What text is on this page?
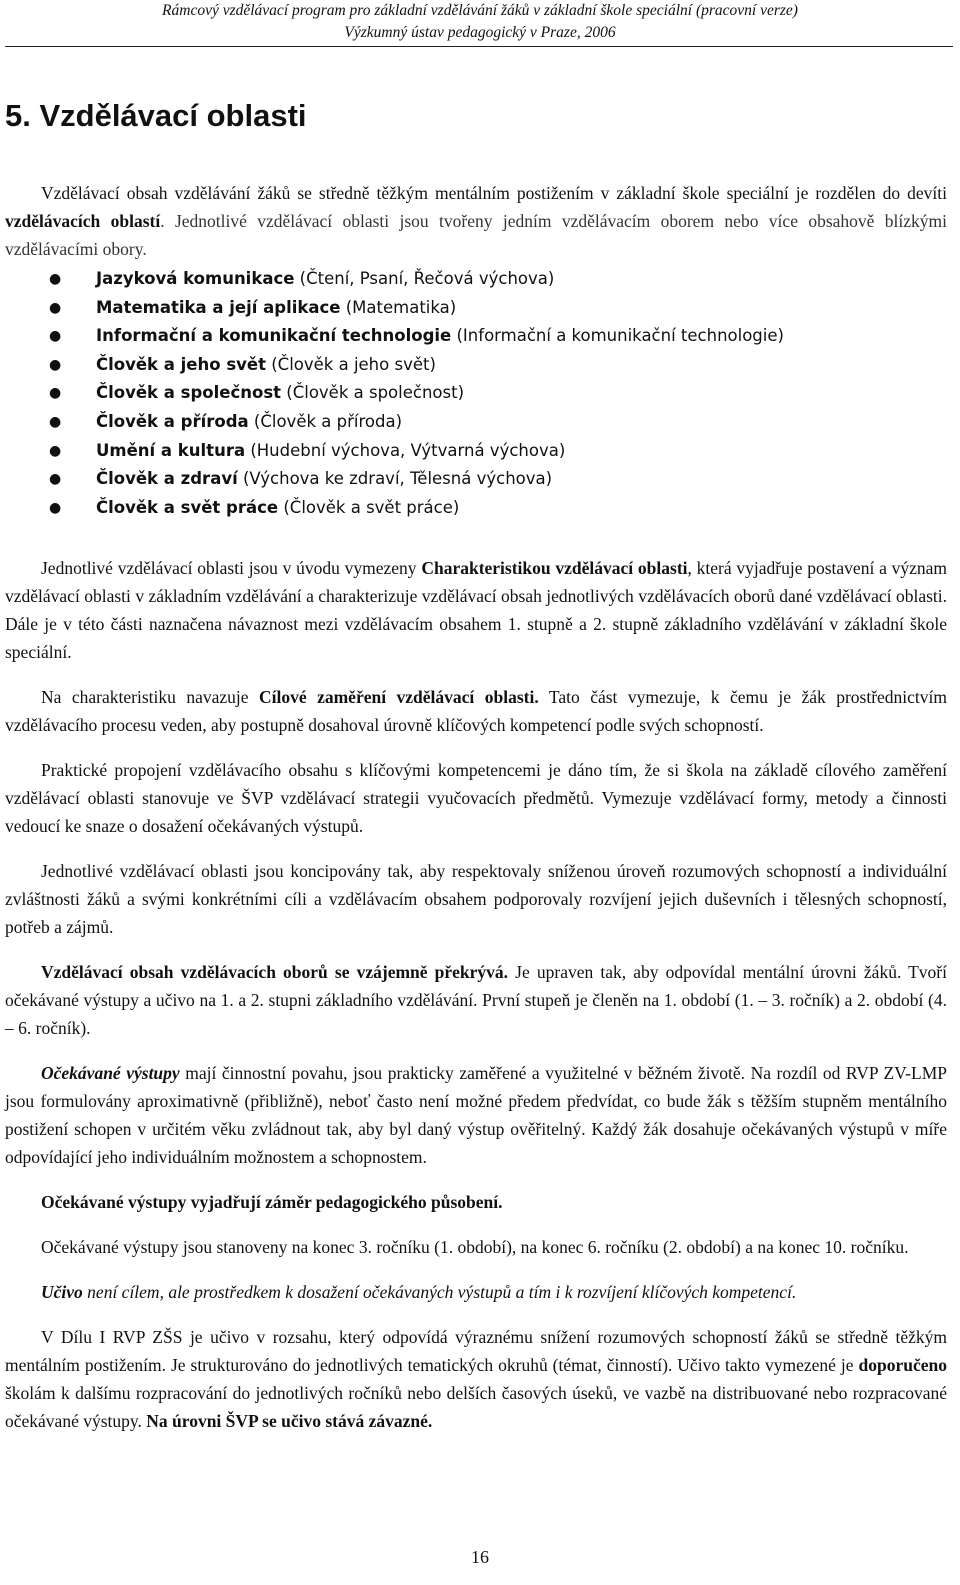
Rámcový vzdělávací program pro základní vzdělávání žáků v základní škole speciální (pracovní verze)
Výzkumný ústav pedagogický v Praze, 2006
5. Vzdělávací oblasti

Vzdělávací obsah vzdělávání žáků se středně těžkým mentálním postižením v základní škole speciální je rozdělen do devíti vzdělávacích oblastí. Jednotlivé vzdělávací oblasti jsou tvořeny jedním vzdělávacím oborem nebo více obsahově blízkými vzdělávacími obory.

● Jazyková komunikace (Čtení, Psaní, Řečová výchova)
● Matematika a její aplikace (Matematika)
● Informační a komunikační technologie (Informační a komunikační technologie)
● Člověk a jeho svět (Člověk a jeho svět)
● Člověk a společnost (Člověk a společnost)
● Člověk a příroda (Člověk a příroda)
● Umění a kultura (Hudební výchova, Výtvarná výchova)
● Člověk a zdraví (Výchova ke zdraví, Tělesná výchova)
● Člověk a svět práce (Člověk a svět práce)

Jednotlivé vzdělávací oblasti jsou v úvodu vymezeny Charakteristikou vzdělávací oblasti, která vyjadřuje postavení a význam vzdělávací oblasti v základním vzdělávání a charakterizuje vzdělávací obsah jednotlivých vzdělávacích oborů dané vzdělávací oblasti. Dále je v této části naznačena návaznost mezi vzdělávacím obsahem 1. stupně a 2. stupně základního vzdělávání v základní škole speciální.

Na charakteristiku navazuje Cílové zaměření vzdělávací oblasti. Tato část vymezuje, k čemu je žák prostřednictvím vzdělávacího procesu veden, aby postupně dosahoval úrovně klíčových kompetencí podle svých schopností.

Praktické propojení vzdělávacího obsahu s klíčovými kompetencemi je dáno tím, že si škola na základě cílového zaměření vzdělávací oblasti stanovuje ve ŠVP vzdělávací strategii vyučovacích předmětů. Vymezuje vzdělávací formy, metody a činnosti vedoucí ke snaze o dosažení očekávaných výstupů.

Jednotlivé vzdělávací oblasti jsou koncipovány tak, aby respektovaly sníženou úroveň rozumových schopností a individuální zvláštnosti žáků a svými konkrétními cíli a vzdělávacím obsahem podporovaly rozvíjení jejich duševních i tělesných schopností, potřeb a zájmů.

Vzdělávací obsah vzdělávacích oborů se vzájemně překrývá. Je upraven tak, aby odpovídal mentální úrovni žáků. Tvoří očekávané výstupy a učivo na 1. a 2. stupni základního vzdělávání. První stupeň je členěn na 1. období (1. – 3. ročník) a 2. období (4. – 6. ročník).

Očekávané výstupy mají činnostní povahu, jsou prakticky zaměřené a využitelné v běžném životě. Na rozdíl od RVP ZV-LMP jsou formulovány aproximativně (přibližně), neboť často není možné předem předvídat, co bude žák s těžším stupněm mentálního postižení schopen v určitém věku zvládnout tak, aby byl daný výstup ověřitelný. Každý žák dosahuje očekávaných výstupů v míře odpovídající jeho individuálním možnostem a schopnostem.

Očekávané výstupy vyjadřují záměr pedagogického působení.

Očekávané výstupy jsou stanoveny na konec 3. ročníku (1. období), na konec 6. ročníku (2. období) a na konec 10. ročníku.

Učivo není cílem, ale prostředkem k dosažení očekávaných výstupů a tím i k rozvíjení klíčových kompetencí.

V Dílu I RVP ZŠS je učivo v rozsahu, který odpovídá výraznému snížení rozumových schopností žáků se středně těžkým mentálním postižením. Je strukturováno do jednotlivých tematických okruhů (témat, činností). Učivo takto vymezené je doporučeno školám k dalšímu rozpracování do jednotlivých ročníků nebo delších časových úseků, ve vazbě na distribuované nebo rozpracované očekávané výstupy. Na úrovni ŠVP se učivo stává závazné.

16
